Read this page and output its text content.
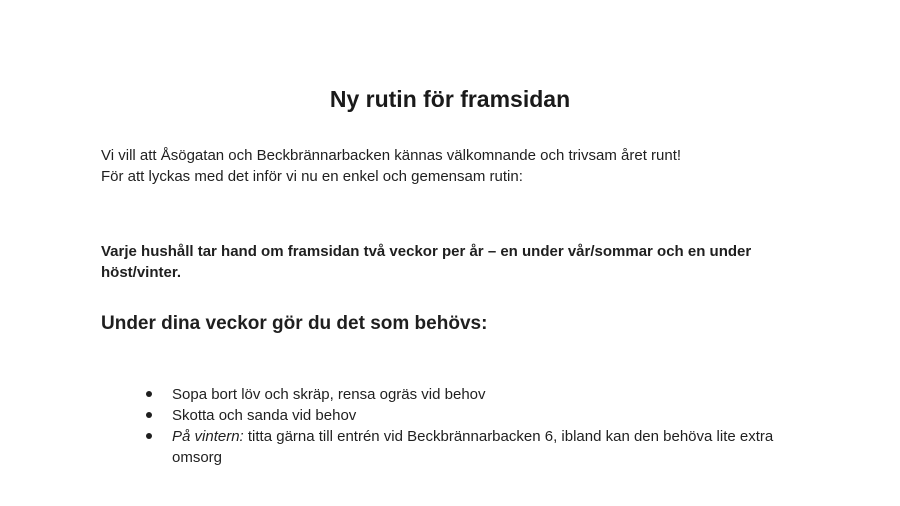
Ny rutin för framsidan

Vi vill att Åsögatan och Beckbrännarbacken kännas välkomnande och trivsam året runt!

För att lyckas med det inför vi nu en enkel och gemensam rutin:

Varje hushåll tar hand om framsidan två veckor per år – en under vår/sommar och en under höst/vinter.

Under dina veckor gör du det som behövs:
Sopa bort löv och skräp, rensa ogräs vid behov
Skotta och sanda vid behov
På vintern: titta gärna till entrén vid Beckbrännarbacken 6, ibland kan den behöva lite extra omsorg
